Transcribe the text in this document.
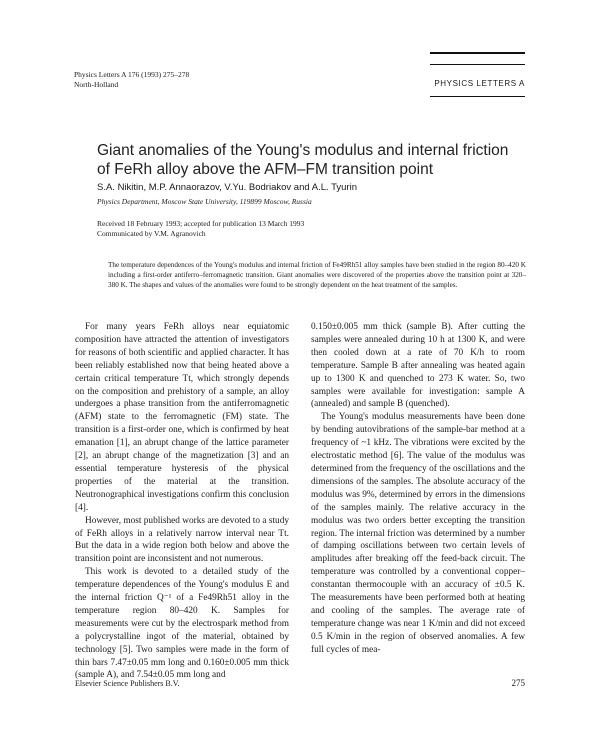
Physics Letters A 176 (1993) 275–278
North-Holland	PHYSICS LETTERS A
Giant anomalies of the Young's modulus and internal friction
of FeRh alloy above the AFM–FM transition point
S.A. Nikitin, M.P. Annaorazov, V.Yu. Bodriakov and A.L. Tyurin
Physics Department, Moscow State University, 119899 Moscow, Russia
Received 18 February 1993; accepted for publication 13 March 1993
Communicated by V.M. Agranovich
The temperature dependences of the Young's modulus and internal friction of Fe49Rh51 alloy samples have been studied in the region 80–420 K including a first-order antiferro–ferromagnetic transition. Giant anomalies were discovered of the properties above the transition point at 320–380 K. The shapes and values of the anomalies were found to be strongly dependent on the heat treatment of the samples.

For many years FeRh alloys near equiatomic composition have attracted the attention of investigators for reasons of both scientific and applied character. It has been reliably established now that being heated above a certain critical temperature Tt, which strongly depends on the composition and prehistory of a sample, an alloy undergoes a phase transition from the antiferromagnetic (AFM) state to the ferromagnetic (FM) state. The transition is a first-order one, which is confirmed by heat emanation [1], an abrupt change of the lattice parameter [2], an abrupt change of the magnetization [3] and an essential temperature hysteresis of the physical properties of the material at the transition. Neutronographical investigations confirm this conclusion [4].

However, most published works are devoted to a study of FeRh alloys in a relatively narrow interval near Tt. But the data in a wide region both below and above the transition point are inconsistent and not numerous.

This work is devoted to a detailed study of the temperature dependences of the Young's modulus E and the internal friction Q⁻¹ of a Fe49Rh51 alloy in the temperature region 80–420 K. Samples for measurements were cut by the electrospark method from a polycrystalline ingot of the material, obtained by technology [5]. Two samples were made in the form of thin bars 7.47±0.05 mm long and 0.160±0.005 mm thick (sample A), and 7.54±0.05 mm long and

0.150±0.005 mm thick (sample B). After cutting the samples were annealed during 10 h at 1300 K, and were then cooled down at a rate of 70 K/h to room temperature. Sample B after annealing was heated again up to 1300 K and quenched to 273 K water. So, two samples were available for investigation: sample A (annealed) and sample B (quenched).

The Young's modulus measurements have been done by bending autovibrations of the sample-bar method at a frequency of ~1 kHz. The vibrations were excited by the electrostatic method [6]. The value of the modulus was determined from the frequency of the oscillations and the dimensions of the samples. The absolute accuracy of the modulus was 9%, determined by errors in the dimensions of the samples mainly. The relative accuracy in the modulus was two orders better excepting the transition region. The internal friction was determined by a number of damping oscillations between two certain levels of amplitudes after breaking off the feed-back circuit. The temperature was controlled by a conventional copper–constantan thermocouple with an accuracy of ±0.5 K. The measurements have been performed both at heating and cooling of the samples. The average rate of temperature change was near 1 K/min and did not exceed 0.5 K/min in the region of observed anomalies. A few full cycles of mea-

Elsevier Science Publishers B.V.	275
